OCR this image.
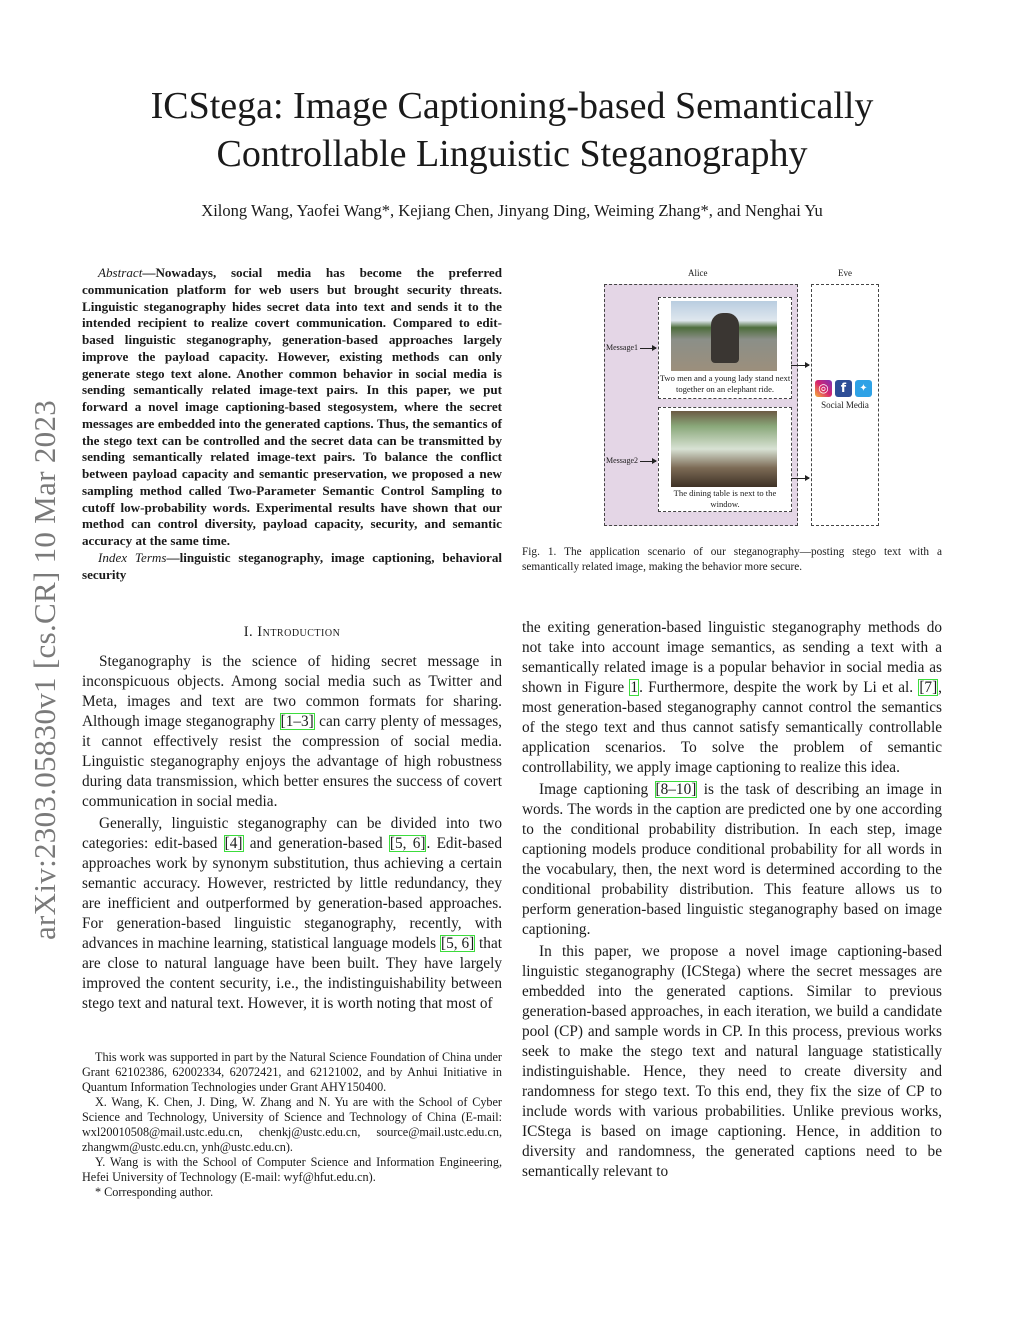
arXiv:2303.05830v1 [cs.CR] 10 Mar 2023
ICStega: Image Captioning-based Semantically
Controllable Linguistic Steganography
Xilong Wang, Yaofei Wang*, Kejiang Chen, Jinyang Ding, Weiming Zhang*, and Nenghai Yu

Abstract—Nowadays, social media has become the preferred communication platform for web users but brought security threats. Linguistic steganography hides secret data into text and sends it to the intended recipient to realize covert communication. Compared to edit-based linguistic steganography, generation-based approaches largely improve the payload capacity. However, existing methods can only generate stego text alone. Another common behavior in social media is sending semantically related image-text pairs. In this paper, we put forward a novel image captioning-based stegosystem, where the secret messages are embedded into the generated captions. Thus, the semantics of the stego text can be controlled and the secret data can be transmitted by sending semantically related image-text pairs. To balance the conflict between payload capacity and semantic preservation, we proposed a new sampling method called Two-Parameter Semantic Control Sampling to cutoff low-probability words. Experimental results have shown that our method can control diversity, payload capacity, security, and semantic accuracy at the same time.

Index Terms—linguistic steganography, image captioning, behavioral security

I. Introduction

Steganography is the science of hiding secret message in inconspicuous objects. Among social media such as Twitter and Meta, images and text are two common formats for sharing. Although image steganography [1–3] can carry plenty of messages, it cannot effectively resist the compression of social media. Linguistic steganography enjoys the advantage of high robustness during data transmission, which better ensures the success of covert communication in social media.

Generally, linguistic steganography can be divided into two categories: edit-based [4] and generation-based [5, 6]. Edit-based approaches work by synonym substitution, thus achieving a certain semantic accuracy. However, restricted by little redundancy, they are inefficient and outperformed by generation-based approaches. For generation-based linguistic steganography, recently, with advances in machine learning, statistical language models [5, 6] that are close to natural language have been built. They have largely improved the content security, i.e., the indistinguishability between stego text and natural text. However, it is worth noting that most of

the exiting generation-based linguistic steganography methods do not take into account image semantics, as sending a text with a semantically related image is a popular behavior in social media as shown in Figure 1. Furthermore, despite the work by Li et al. [7], most generation-based steganography cannot control the semantics of the stego text and thus cannot satisfy semantically controllable application scenarios. To solve the problem of semantic controllability, we apply image captioning to realize this idea.

Image captioning [8–10] is the task of describing an image in words. The words in the caption are predicted one by one according to the conditional probability distribution. In each step, image captioning models produce conditional probability for all words in the vocabulary, then, the next word is determined according to the conditional probability distribution. This feature allows us to perform generation-based linguistic steganography based on image captioning.

In this paper, we propose a novel image captioning-based linguistic steganography (ICStega) where the secret messages are embedded into the generated captions. Similar to previous generation-based approaches, in each iteration, we build a candidate pool (CP) and sample words in CP. In this process, previous works seek to make the stego text and natural language statistically indistinguishable. Hence, they need to create diversity and randomness for stego text. To this end, they fix the size of CP to include words with various probabilities. Unlike previous works, ICStega is based on image captioning. Hence, in addition to diversity and randomness, the generated captions need to be semantically relevant to

This work was supported in part by the Natural Science Foundation of China under Grant 62102386, 62002334, 62072421, and 62121002, and by Anhui Initiative in Quantum Information Technologies under Grant AHY150400.

X. Wang, K. Chen, J. Ding, W. Zhang and N. Yu are with the School of Cyber Science and Technology, University of Science and Technology of China (E-mail: wxl20010508@mail.ustc.edu.cn, chenkj@ustc.edu.cn, source@mail.ustc.edu.cn, zhangwm@ustc.edu.cn, ynh@ustc.edu.cn).

Y. Wang is with the School of Computer Science and Information Engineering, Hefei University of Technology (E-mail: wyf@hfut.edu.cn).

* Corresponding author.

Alice	Eve
Message1
Message2
Two men and a young lady stand next together on an elephant ride.
The dining table is next to the window.
◎	f	✦
Social Media
Fig. 1. The application scenario of our steganography—posting stego text with a semantically related image, making the behavior more secure.
